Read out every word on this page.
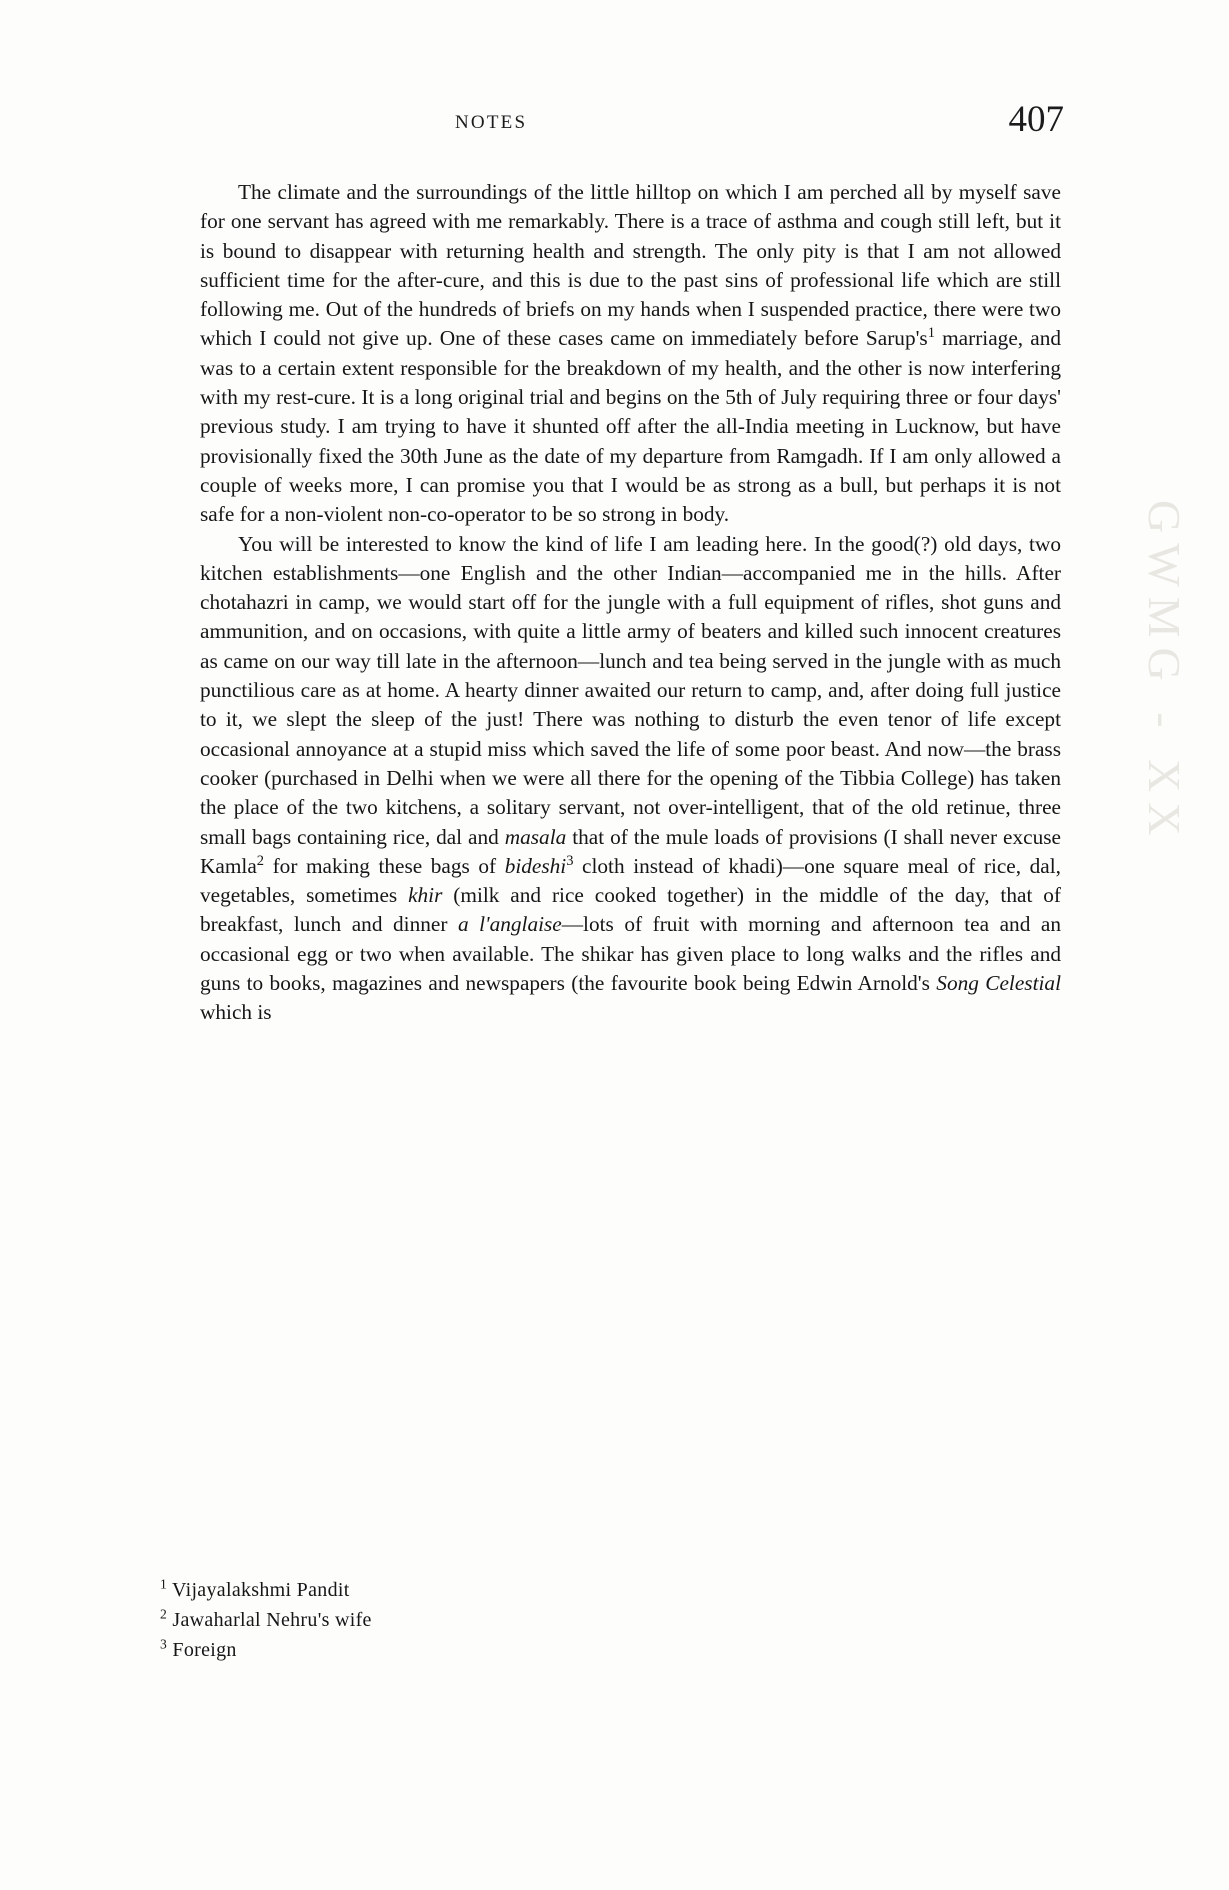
GWMG - XX
NOTES	407

The climate and the surroundings of the little hilltop on which I am perched all by myself save for one servant has agreed with me remarkably. There is a trace of asthma and cough still left, but it is bound to disappear with returning health and strength. The only pity is that I am not allowed sufficient time for the after-cure, and this is due to the past sins of professional life which are still following me. Out of the hundreds of briefs on my hands when I suspended practice, there were two which I could not give up. One of these cases came on immediately before $Sarup's^1$ marriage, and was to a certain extent responsible for the breakdown of my health, and the other is now interfering with my rest-cure. It is a long original trial and begins on the 5th of July requiring three or four days' previous study. I am trying to have it shunted off after the all-India meeting in Lucknow, but have provisionally fixed the 30th June as the date of my departure from Ramgadh. If I am only allowed a couple of weeks more, I can promise you that I would be as strong as a bull, but perhaps it is not safe for a non-violent non-co-operator to be so strong in body.

You will be interested to know the kind of life I am leading here. In the good(?) old days, two kitchen establishments—one English and the other Indian—accompanied me in the hills. After chotahazri in camp, we would start off for the jungle with a full equipment of rifles, shot guns and ammunition, and on occasions, with quite a little army of beaters and killed such innocent creatures as came on our way till late in the afternoon—lunch and tea being served in the jungle with as much punctilious care as at home. A hearty dinner awaited our return to camp, and, after doing full justice to it, we slept the sleep of the just! There was nothing to disturb the even tenor of life except occasional annoyance at a stupid miss which saved the life of some poor beast. And now—the brass cooker (purchased in Delhi when we were all there for the opening of the Tibbia College) has taken the place of the two kitchens, a solitary servant, not over-intelligent, that of the old retinue, three small bags containing rice, dal and masala that of the mule loads of provisions (I shall never excuse Kamla$^2$ for making these bags of bideshi$^3$ cloth instead of khadi)—one square meal of rice, dal, vegetables, sometimes khir (milk and rice cooked together) in the middle of the day, that of breakfast, lunch and dinner a l'anglaise—lots of fruit with morning and afternoon tea and an occasional egg or two when available. The shikar has given place to long walks and the rifles and guns to books, magazines and newspapers (the favourite book being Edwin Arnold's Song Celestial which is

$^1$ Vijayalakshmi Pandit
$^2$ Jawaharlal Nehru's wife
$^3$ Foreign
